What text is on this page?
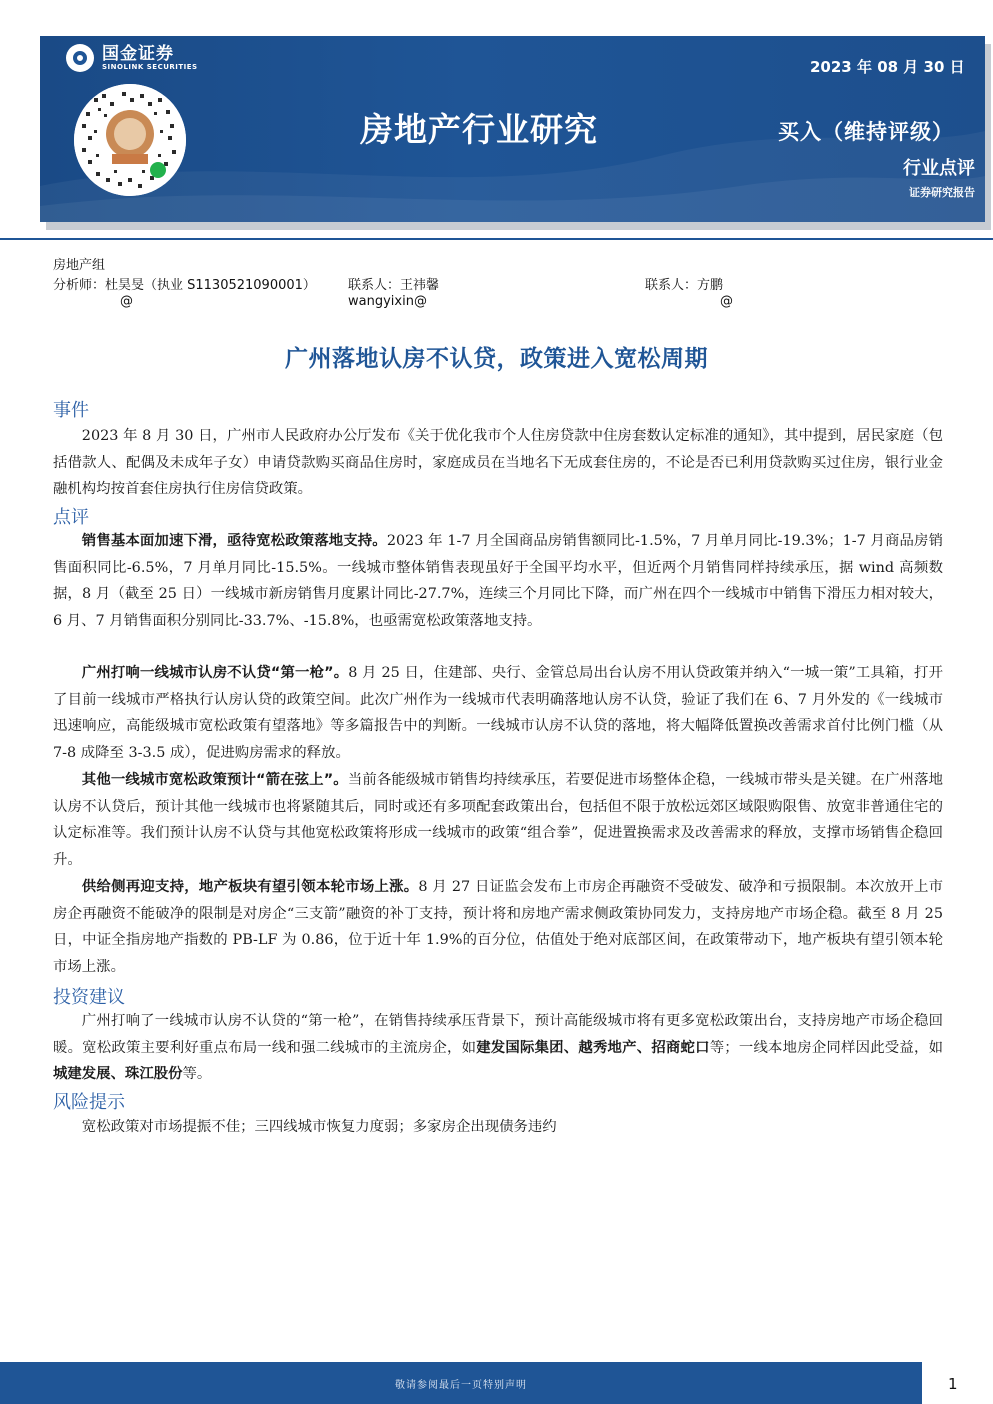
国金证券
SINOLINK SECURITIES	2023 年 08 月 30 日
房地产行业研究	买入（维持评级）
行业点评
证券研究报告
房地产组
分析师：杜昊旻（执业 S1130521090001）
@
联系人：王祎馨
wangyixin@
联系人：方鹏
@
广州落地认房不认贷，政策进入宽松周期
事件
2023 年 8 月 30 日，广州市人民政府办公厅发布《关于优化我市个人住房贷款中住房套数认定标准的通知》，其中提到，居民家庭（包括借款人、配偶及未成年子女）申请贷款购买商品住房时，家庭成员在当地名下无成套住房的，不论是否已利用贷款购买过住房，银行业金融机构均按首套住房执行住房信贷政策。
点评
销售基本面加速下滑，亟待宽松政策落地支持。2023 年 1-7 月全国商品房销售额同比-1.5%，7 月单月同比-19.3%；1-7 月商品房销售面积同比-6.5%，7 月单月同比-15.5%。一线城市整体销售表现虽好于全国平均水平，但近两个月销售同样持续承压，据 wind 高频数据，8 月（截至 25 日）一线城市新房销售月度累计同比-27.7%，连续三个月同比下降，而广州在四个一线城市中销售下滑压力相对较大，6 月、7 月销售面积分别同比-33.7%、-15.8%，也亟需宽松政策落地支持。
广州打响一线城市认房不认贷“第一枪”。8 月 25 日，住建部、央行、金管总局出台认房不用认贷政策并纳入“一城一策”工具箱，打开了目前一线城市严格执行认房认贷的政策空间。此次广州作为一线城市代表明确落地认房不认贷，验证了我们在 6、7 月外发的《一线城市迅速响应，高能级城市宽松政策有望落地》等多篇报告中的判断。一线城市认房不认贷的落地，将大幅降低置换改善需求首付比例门槛（从 7-8 成降至 3-3.5 成），促进购房需求的释放。
其他一线城市宽松政策预计“箭在弦上”。当前各能级城市销售均持续承压，若要促进市场整体企稳，一线城市带头是关键。在广州落地认房不认贷后，预计其他一线城市也将紧随其后，同时或还有多项配套政策出台，包括但不限于放松远郊区域限购限售、放宽非普通住宅的认定标准等。我们预计认房不认贷与其他宽松政策将形成一线城市的政策“组合拳”，促进置换需求及改善需求的释放，支撑市场销售企稳回升。
供给侧再迎支持，地产板块有望引领本轮市场上涨。8 月 27 日证监会发布上市房企再融资不受破发、破净和亏损限制。本次放开上市房企再融资不能破净的限制是对房企“三支箭”融资的补丁支持，预计将和房地产需求侧政策协同发力，支持房地产市场企稳。截至 8 月 25 日，中证全指房地产指数的 PB-LF 为 0.86，位于近十年 1.9%的百分位，估值处于绝对底部区间，在政策带动下，地产板块有望引领本轮市场上涨。
投资建议
广州打响了一线城市认房不认贷的“第一枪”，在销售持续承压背景下，预计高能级城市将有更多宽松政策出台，支持房地产市场企稳回暖。宽松政策主要利好重点布局一线和强二线城市的主流房企，如建发国际集团、越秀地产、招商蛇口等；一线本地房企同样因此受益，如城建发展、珠江股份等。
风险提示
宽松政策对市场提振不佳；三四线城市恢复力度弱；多家房企出现债务违约
敬请参阅最后一页特别声明	1
